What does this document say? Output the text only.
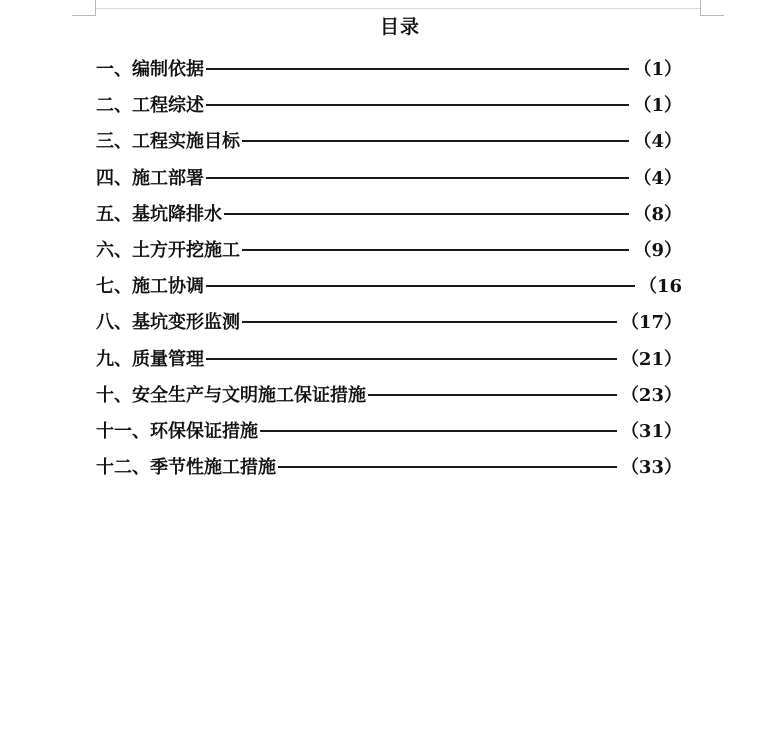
目录
一、编制依据	（1）
二、工程综述	（1）
三、工程实施目标	（4）
四、施工部署	（4）
五、基坑降排水	（8）
六、土方开挖施工	（9）
七、施工协调	（16
八、基坑变形监测	（17）
九、质量管理	（21）
十、安全生产与文明施工保证措施	（23）
十一、环保保证措施	（31）
十二、季节性施工措施	（33）
